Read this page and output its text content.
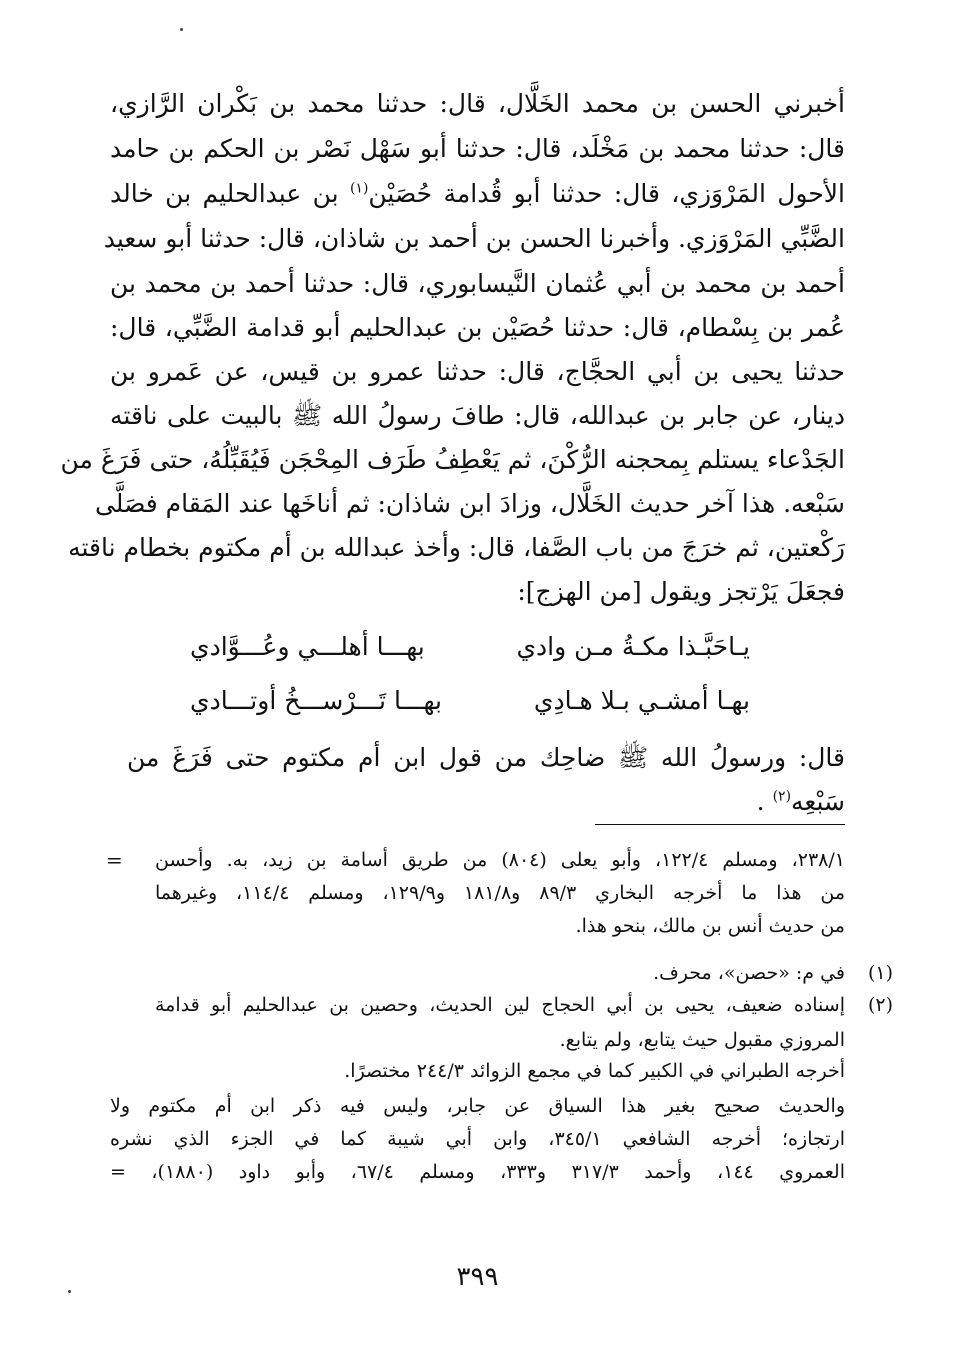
أخبرني الحسن بن محمد الخَلَّال، قال: حدثنا محمد بن بَكْران الرَّازي،
قال: حدثنا محمد بن مَخْلَد، قال: حدثنا أبو سَهْل نَصْر بن الحكم بن حامد
الأحول المَرْوَزي، قال: حدثنا أبو قُدامة حُصَيْن$^{(١)}$ بن عبدالحليم بن خالد
الضَّبِّي المَرْوَزي. وأخبرنا الحسن بن أحمد بن شاذان، قال: حدثنا أبو سعيد
أحمد بن محمد بن أبي عُثمان النَّيسابوري، قال: حدثنا أحمد بن محمد بن
عُمر بن بِسْطام، قال: حدثنا حُصَيْن بن عبدالحليم أبو قدامة الضَّبِّي، قال:
حدثنا يحيى بن أبي الحجَّاج، قال: حدثنا عمرو بن قيس، عن عَمرو بن
دينار، عن جابر بن عبدالله، قال: طافَ رسولُ الله ﷺ بالبيت على ناقته
الجَدْعاء يستلم بِمحجنه الرُّكْنَ، ثم يَعْطِفُ طَرَف المِحْجَن فَيُقَبِّلُهُ، حتى فَرَغَ من
سَبْعه. هذا آخر حديث الخَلَّال، وزادَ ابن شاذان: ثم أناخَها عند المَقام فصَلَّى
رَكْعتين، ثم خرَجَ من باب الصَّفا، قال: وأخذ عبدالله بن أم مكتوم بخطام ناقته
فجعَلَ يَرْتجز ويقول [من الهزج]:
يـاحَبَّـذا مكـةُ مـن وادي
بهـــا أهلـــي وعُـــوَّادي
بهـا أمشـي بـلا هـادِي
بهـــا تَـــرْســـخُ أوتـــادي
قال: ورسولُ الله ﷺ ضاحِك من قول ابن أم مكتوم حتى فَرَغَ من
سَبْعِه$^{(٢)}$ .
٢٣٨/١، ومسلم ١٢٢/٤، وأبو يعلى (٨٠٤) من طريق أسامة بن زيد، به. وأحسن
=
من هذا ما أخرجه البخاري ٨٩/٣ و١٨١/٨ و١٢٩/٩، ومسلم ١١٤/٤، وغيرهما
من حديث أنس بن مالك، بنحو هذا.
(١)
في م: «حصن»، محرف.
(٢)
إسناده ضعيف، يحيى بن أبي الحجاج لين الحديث، وحصين بن عبدالحليم أبو قدامة
المروزي مقبول حيث يتابع، ولم يتابع.
أخرجه الطبراني في الكبير كما في مجمع الزوائد ٢٤٤/٣ مختصرًا.
والحديث صحيح بغير هذا السياق عن جابر، وليس فيه ذكر ابن أم مكتوم ولا
ارتجازه؛ أخرجه الشافعي ٣٤٥/١، وابن أبي شيبة كما في الجزء الذي نشره
العمروي ١٤٤، وأحمد ٣١٧/٣ و٣٣٣، ومسلم ٦٧/٤، وأبو داود (١٨٨٠)، =
٣٩٩
